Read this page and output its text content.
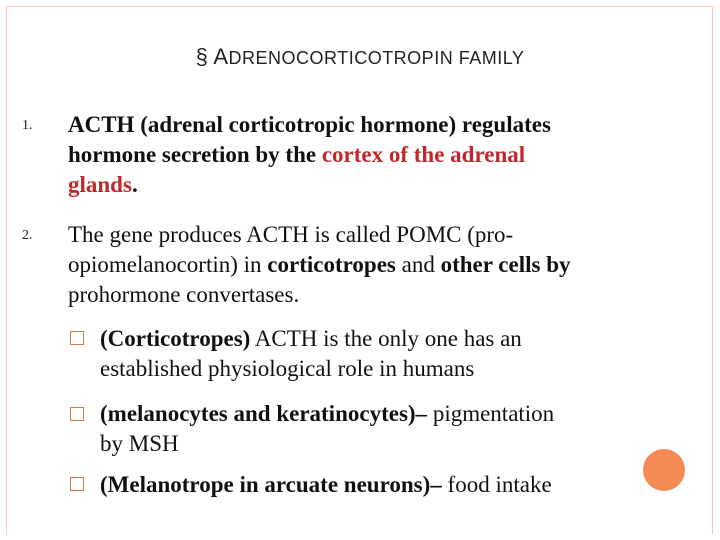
§ ADRENOCORTICOTROPIN FAMILY
1. ACTH (adrenal corticotropic hormone) regulates
hormone secretion by the cortex of the adrenal
glands.
2. The gene produces ACTH is called POMC (pro-
opiomelanocortin) in corticotropes and other cells by
prohormone convertases.
(Corticotropes) ACTH is the only one has an
established physiological role in humans
(melanocytes and keratinocytes)– pigmentation
by MSH
(Melanotrope in arcuate neurons)– food intake
